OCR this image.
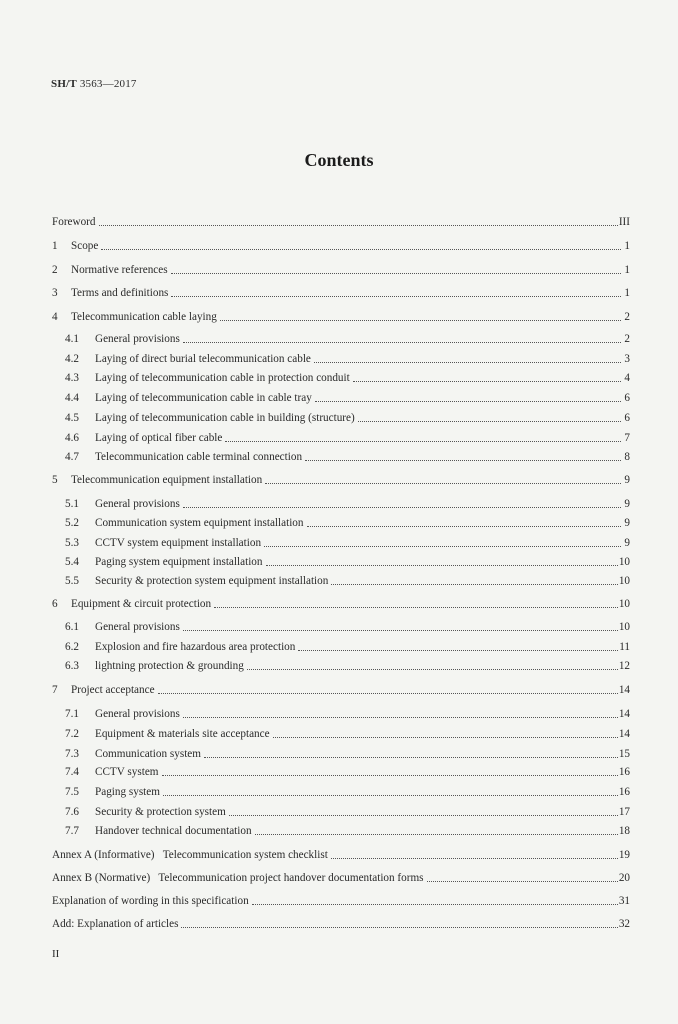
SH/T 3563—2017
Contents
Foreword	III
1	Scope	1
2	Normative references	1
3	Terms and definitions	1
4	Telecommunication cable laying	2
4.1	General provisions	2
4.2	Laying of direct burial telecommunication cable	3
4.3	Laying of telecommunication cable in protection conduit	4
4.4	Laying of telecommunication cable in cable tray	6
4.5	Laying of telecommunication cable in building (structure)	6
4.6	Laying of optical fiber cable	7
4.7	Telecommunication cable terminal connection	8
5	Telecommunication equipment installation	9
5.1	General provisions	9
5.2	Communication system equipment installation	9
5.3	CCTV system equipment installation	9
5.4	Paging system equipment installation	10
5.5	Security & protection system equipment installation	10
6	Equipment & circuit protection	10
6.1	General provisions	10
6.2	Explosion and fire hazardous area protection	11
6.3	lightning protection & grounding	12
7	Project acceptance	14
7.1	General provisions	14
7.2	Equipment & materials site acceptance	14
7.3	Communication system	15
7.4	CCTV system	16
7.5	Paging system	16
7.6	Security & protection system	17
7.7	Handover technical documentation	18
Annex A (Informative)   Telecommunication system checklist	19
Annex B (Normative)   Telecommunication project handover documentation forms	20
Explanation of wording in this specification	31
Add: Explanation of articles	32
II
